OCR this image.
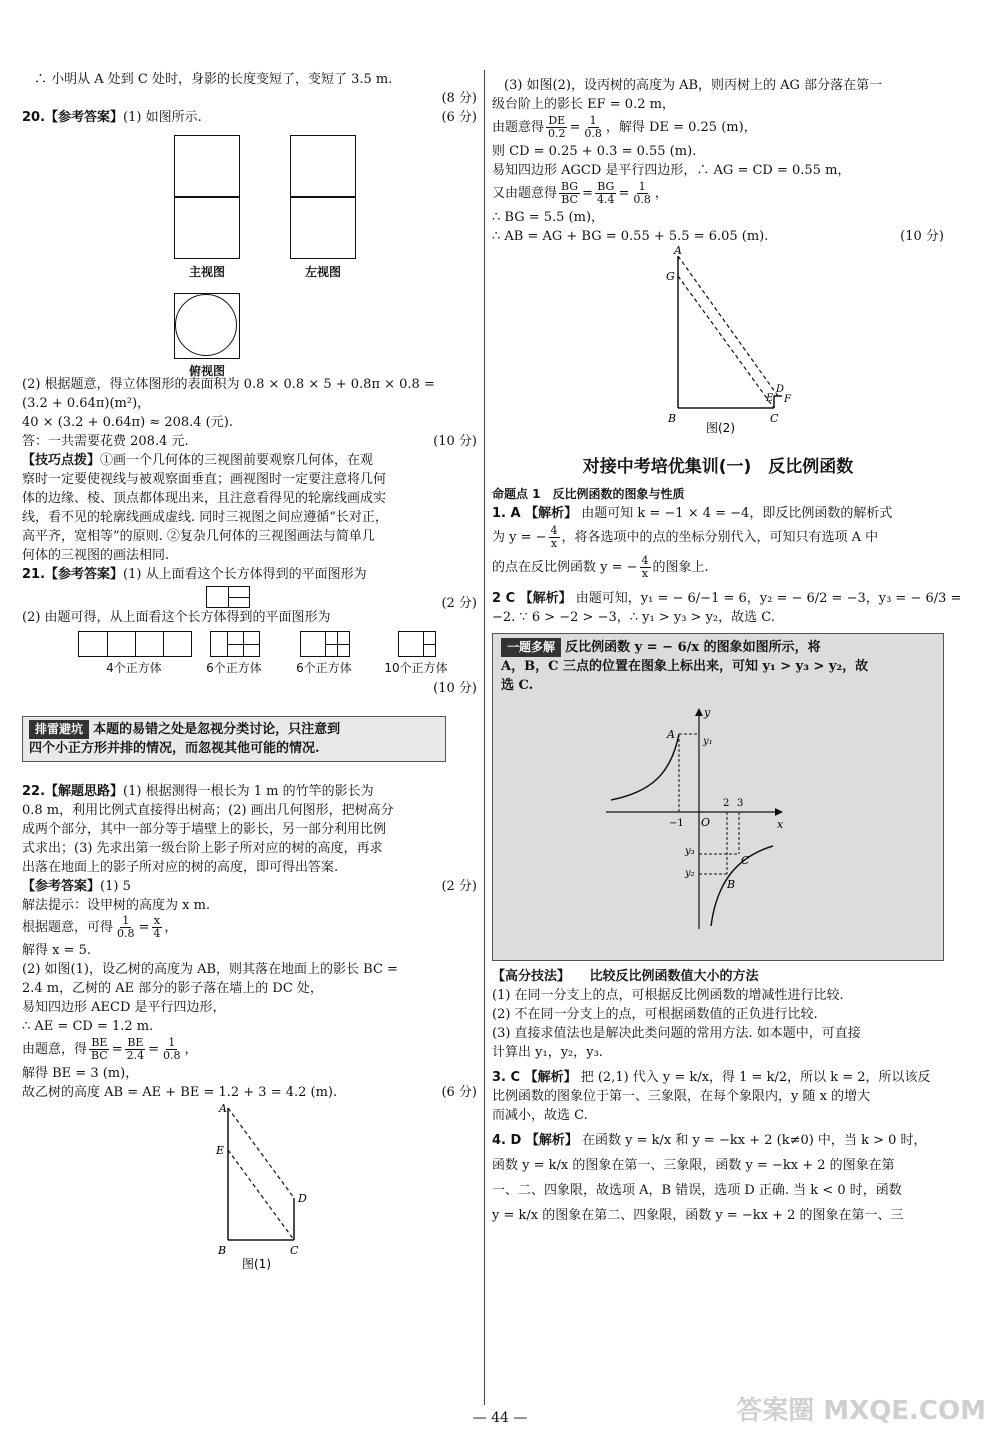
∴ 小明从 A 处到 C 处时，身影的长度变短了，变短了 3.5 m.
(8 分)
20.【参考答案】(1) 如图所示.	(6 分)
主视图	左视图
俯视图
(2) 根据题意，得立体图形的表面积为 0.8 × 0.8 × 5 + 0.8π × 0.8 =
(3.2 + 0.64π)(m²)，
40 × (3.2 + 0.64π) ≈ 208.4 (元).
答：一共需要花费 208.4 元.	(10 分)
【技巧点拨】①画一个几何体的三视图前要观察几何体，在观
察时一定要使视线与被观察面垂直；画视图时一定要注意将几何
体的边缘、棱、顶点都体现出来，且注意看得见的轮廓线画成实
线，看不见的轮廓线画成虚线. 同时三视图之间应遵循“长对正，
高平齐，宽相等”的原则. ②复杂几何体的三视图画法与简单几
何体的三视图的画法相同.
21.【参考答案】(1) 从上面看这个长方体得到的平面图形为
(2 分)
(2) 由题可得，从上面看这个长方体得到的平面图形为
4个正方体	6个正方体	6个正方体	10个正方体
(10 分)
排雷避坑 本题的易错之处是忽视分类讨论，只注意到
四个小正方形并排的情况，而忽视其他可能的情况.
22.【解题思路】(1) 根据测得一根长为 1 m 的竹竿的影长为
0.8 m，利用比例式直接得出树高；(2) 画出几何图形，把树高分
成两个部分，其中一部分等于墙壁上的影长，另一部分利用比例
式求出；(3) 先求出第一级台阶上影子所对应的树的高度，再求
出落在地面上的影子所对应的树的高度，即可得出答案.
【参考答案】(1) 5	(2 分)
解法提示：设甲树的高度为 x m.
根据题意，可得 $\frac{1}{0.8} = \frac{x}{4}$ ，
解得 x = 5.
(2) 如图(1)，设乙树的高度为 AB，则其落在地面上的影长 BC =
2.4 m，乙树的 AE 部分的影子落在墙上的 DC 处，
易知四边形 AECD 是平行四边形，
∴ AE = CD = 1.2 m.
由题意，得 $\frac{BE}{BC} = \frac{BE}{2.4} = \frac{1}{0.8}$ ，
解得 BE = 3 (m)，
故乙树的高度 AB = AE + BE = 1.2 + 3 = 4.2 (m).	(6 分)
A
E
D
B	C
图(1)
(3) 如图(2)，设丙树的高度为 AB，则丙树上的 AG 部分落在第一
级台阶上的影长 EF = 0.2 m，
由题意得 $\frac{DE}{0.2} = \frac{1}{0.8}$ ，解得 DE = 0.25 (m)，
则 CD = 0.25 + 0.3 = 0.55 (m).
易知四边形 AGCD 是平行四边形，∴ AG = CD = 0.55 m，
又由题意得 $\frac{BG}{BC} = \frac{BG}{4.4} = \frac{1}{0.8}$ ，
∴ BG = 5.5 (m)，
∴ AB = AG + BG = 0.55 + 5.5 = 6.05 (m).	(10 分)
A
G
D
E F
B	C
图(2)
对接中考培优集训(一)　反比例函数
命题点 1　反比例函数的图象与性质
1. A 【解析】 由题可知 k = −1 × 4 = −4，即反比例函数的解析式
为 y = − $\frac{4}{x}$ ，将各选项中的点的坐标分别代入，可知只有选项 A 中
的点在反比例函数 y = − $\frac{4}{x}$ 的图象上.
2 C 【解析】 由题可知，y₁ = − 6/−1 = 6，y₂ = − 6/2 = −3，y₃ = − 6/3 =
−2. ∵ 6 > −2 > −3，∴ y₁ > y₃ > y₂，故选 C.
一题多解 反比例函数 y = − 6/x 的图象如图所示，将
A，B，C 三点的位置在图象上标出来，可知 y₁ > y₃ > y₂，故
选 C.
y
x
O
A
y₁
−1
2 3
y₃
y₂
C
B
【高分技法】　　 比较反比例函数值大小的方法
(1) 在同一分支上的点，可根据反比例函数的增减性进行比较.
(2) 不在同一分支上的点，可根据函数值的正负进行比较.
(3) 直接求值法也是解决此类问题的常用方法. 如本题中，可直接
计算出 y₁，y₂，y₃.
3. C 【解析】 把 (2,1) 代入 y = k/x，得 1 = k/2，所以 k = 2，所以该反
比例函数的图象位于第一、三象限，在每个象限内，y 随 x 的增大
而减小，故选 C.
4. D 【解析】 在函数 y = k/x 和 y = −kx + 2 (k≠0) 中，当 k > 0 时，
函数 y = k/x 的图象在第一、三象限，函数 y = −kx + 2 的图象在第
一、二、四象限，故选项 A，B 错误，选项 D 正确. 当 k < 0 时，函数
y = k/x 的图象在第二、四象限，函数 y = −kx + 2 的图象在第一、三
— 44 —	答案圈 MXQE.COM
